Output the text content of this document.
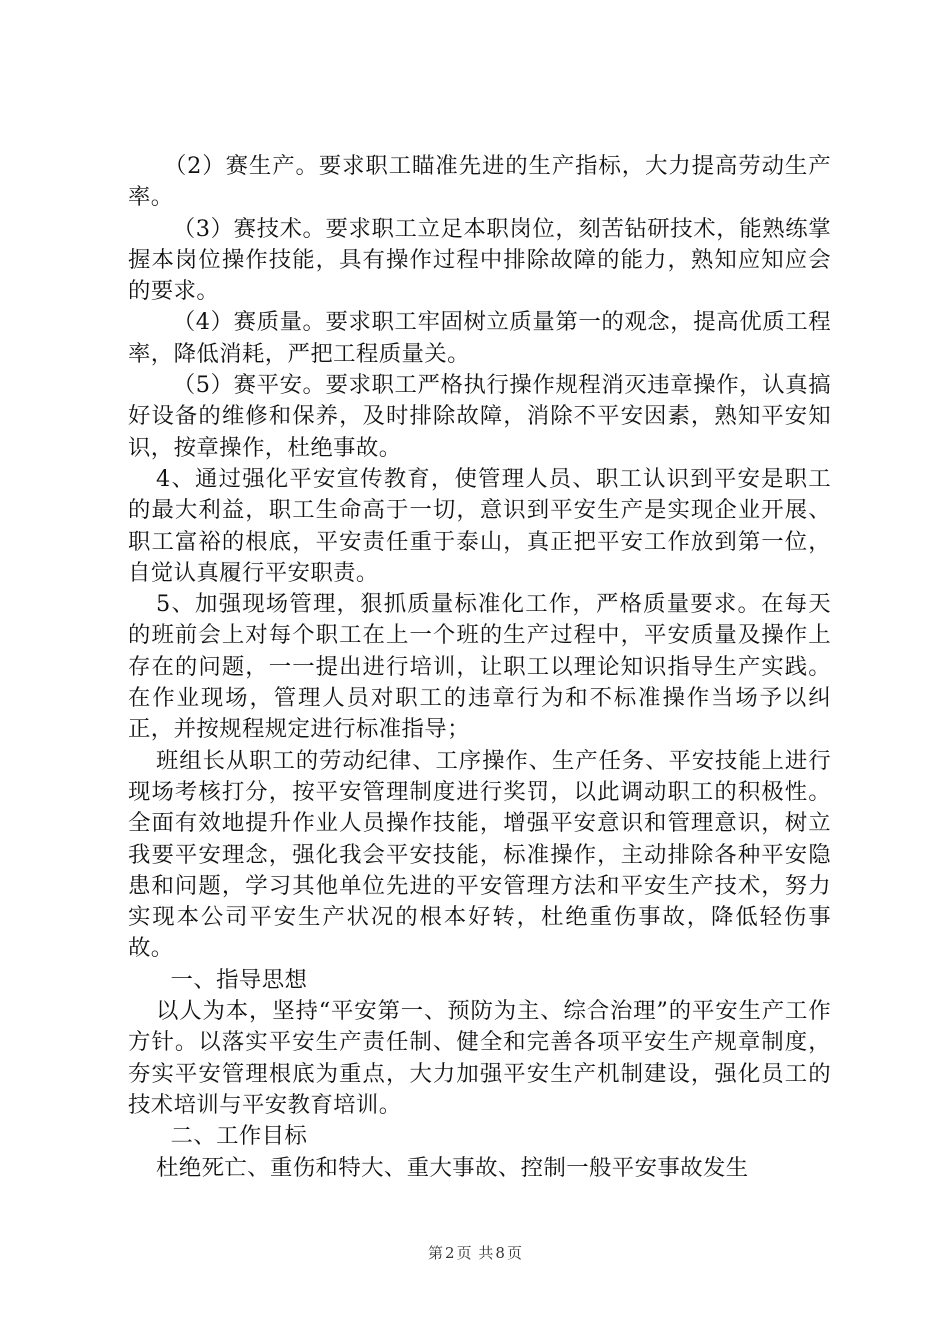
（2）赛生产。要求职工瞄准先进的生产指标，大力提高劳动生产率。

（3）赛技术。要求职工立足本职岗位，刻苦钻研技术，能熟练掌握本岗位操作技能，具有操作过程中排除故障的能力，熟知应知应会的要求。

（4）赛质量。要求职工牢固树立质量第一的观念，提高优质工程率，降低消耗，严把工程质量关。

（5）赛平安。要求职工严格执行操作规程消灭违章操作，认真搞好设备的维修和保养，及时排除故障，消除不平安因素，熟知平安知识，按章操作，杜绝事故。

4、通过强化平安宣传教育，使管理人员、职工认识到平安是职工的最大利益，职工生命高于一切，意识到平安生产是实现企业开展、职工富裕的根底，平安责任重于泰山，真正把平安工作放到第一位，自觉认真履行平安职责。

5、加强现场管理，狠抓质量标准化工作，严格质量要求。在每天的班前会上对每个职工在上一个班的生产过程中，平安质量及操作上存在的问题，一一提出进行培训，让职工以理论知识指导生产实践。在作业现场，管理人员对职工的违章行为和不标准操作当场予以纠正，并按规程规定进行标准指导；

班组长从职工的劳动纪律、工序操作、生产任务、平安技能上进行现场考核打分，按平安管理制度进行奖罚，以此调动职工的积极性。全面有效地提升作业人员操作技能，增强平安意识和管理意识，树立我要平安理念，强化我会平安技能，标准操作，主动排除各种平安隐患和问题，学习其他单位先进的平安管理方法和平安生产技术，努力实现本公司平安生产状况的根本好转，杜绝重伤事故，降低轻伤事故。

一、指导思想

以人为本，坚持“平安第一、预防为主、综合治理”的平安生产工作方针。以落实平安生产责任制、健全和完善各项平安生产规章制度，夯实平安管理根底为重点，大力加强平安生产机制建设，强化员工的技术培训与平安教育培训。

二、工作目标

杜绝死亡、重伤和特大、重大事故、控制一般平安事故发生

第 2 页 共 8 页
